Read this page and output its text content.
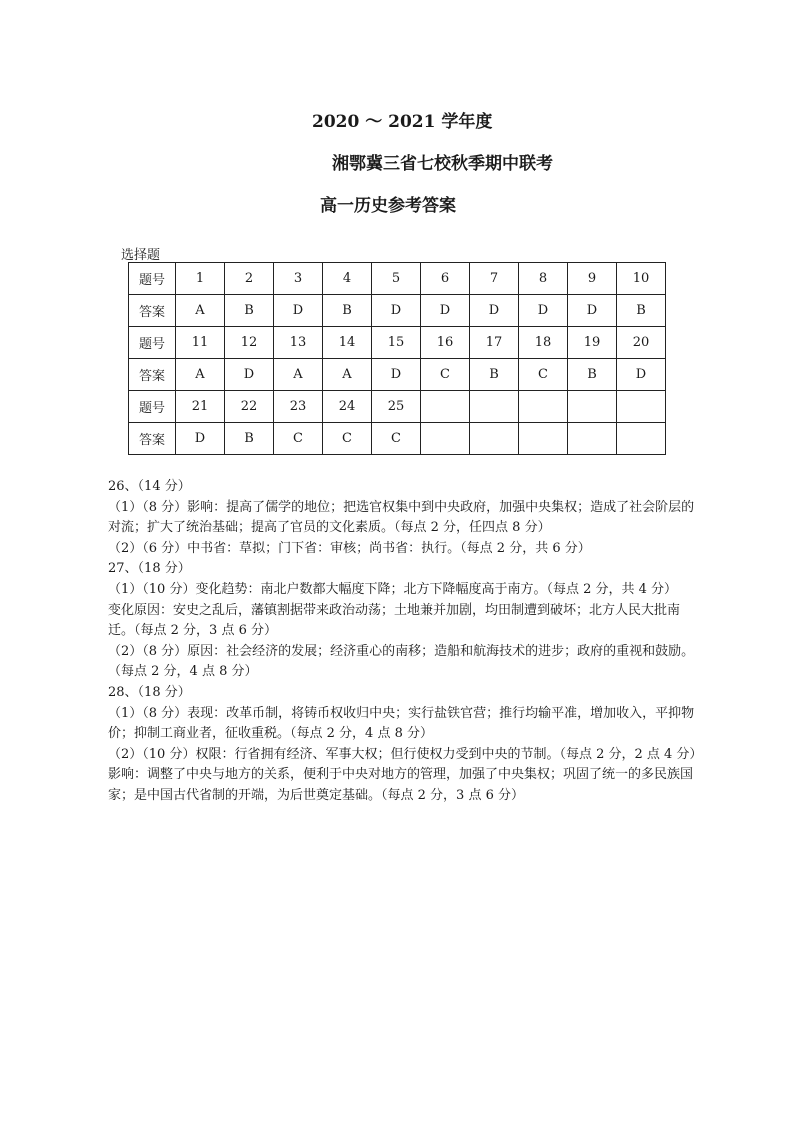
2020 ～ 2021 学年度
湘鄂冀三省七校秋季期中联考
高一历史参考答案
选择题
题号	1	2	3	4	5	6	7	8	9	10
答案	A	B	D	B	D	D	D	D	D	B
题号	11	12	13	14	15	16	17	18	19	20
答案	A	D	A	A	D	C	B	C	B	D
题号	21	22	23	24	25					
答案	D	B	C	C	C					

26、（14 分）

（1）（8 分）影响：提高了儒学的地位；把选官权集中到中央政府，加强中央集权；造成了社会阶层的对流；扩大了统治基础；提高了官员的文化素质。（每点 2 分，任四点 8 分）

（2）（6 分）中书省：草拟；门下省：审核；尚书省：执行。（每点 2 分，共 6 分）

27、（18 分）

（1）（10 分）变化趋势：南北户数都大幅度下降；北方下降幅度高于南方。（每点 2 分，共 4 分）

变化原因：安史之乱后，藩镇割据带来政治动荡；土地兼并加剧，均田制遭到破坏；北方人民大批南迁。（每点 2 分，3 点 6 分）

（2）（8 分）原因：社会经济的发展；经济重心的南移；造船和航海技术的进步；政府的重视和鼓励。（每点 2 分，4 点 8 分）

28、（18 分）

（1）（8 分）表现：改革币制，将铸币权收归中央；实行盐铁官营；推行均输平准，增加收入，平抑物价；抑制工商业者，征收重税。（每点 2 分，4 点 8 分）

（2）（10 分）权限：行省拥有经济、军事大权；但行使权力受到中央的节制。（每点 2 分，2 点 4 分）

影响：调整了中央与地方的关系，便利于中央对地方的管理，加强了中央集权；巩固了统一的多民族国家；是中国古代省制的开端，为后世奠定基础。（每点 2 分，3 点 6 分）
